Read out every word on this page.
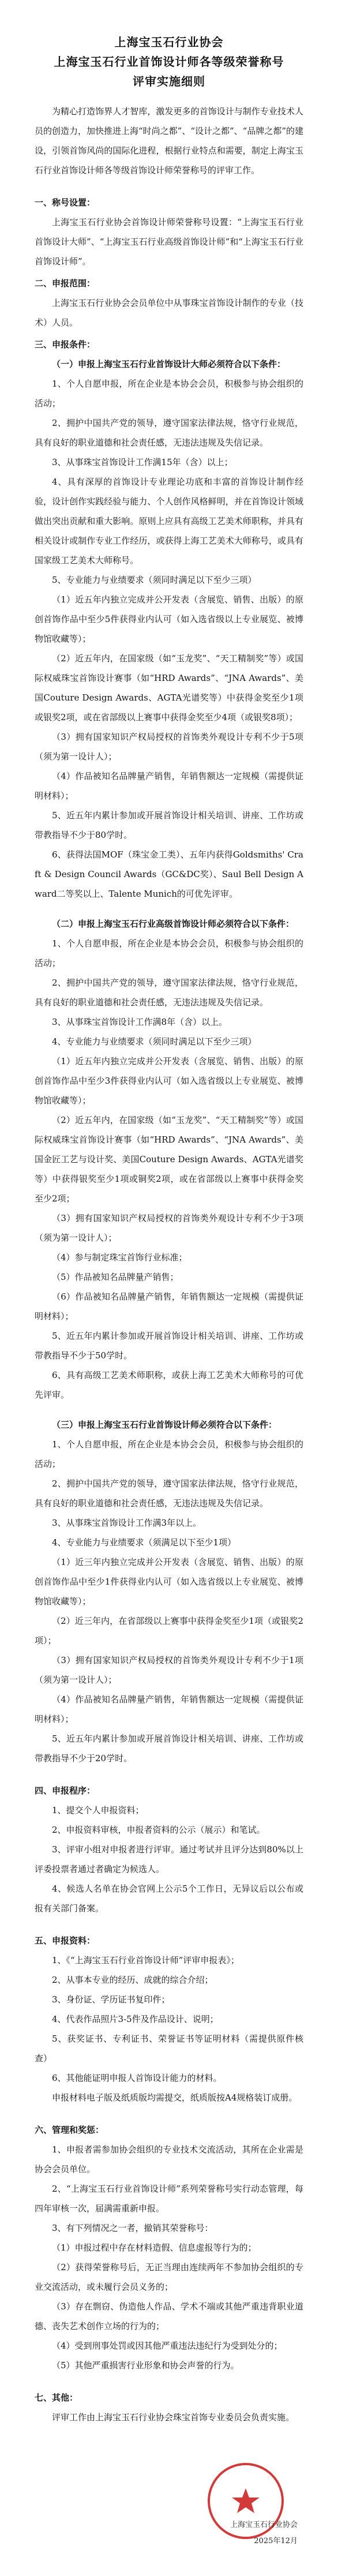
上海宝玉石行业协会
上海宝玉石行业首饰设计师各等级荣誉称号
评审实施细则

为精心打造饰界人才智库，激发更多的首饰设计与制作专业技术人员的创造力，加快推进上海“时尚之都”、“设计之都”、“品牌之都”的建设，引领首饰风尚的国际化进程，根据行业特点和需要，制定上海宝玉石行业首饰设计师各等级首饰设计师荣誉称号的评审工作。

一、称号设置：

上海宝玉石行业协会首饰设计师荣誉称号设置：“上海宝玉石行业首饰设计大师”、“上海宝玉石行业高级首饰设计师”和“上海宝玉石行业首饰设计师”。

二、申报范围：

上海宝玉石行业协会会员单位中从事珠宝首饰设计制作的专业（技术）人员。

三、申报条件：
（一）申报上海宝玉石行业首饰设计大师必须符合以下条件：

1、个人自愿申报，所在企业是本协会会员，积极参与协会组织的活动；

2、拥护中国共产党的领导，遵守国家法律法规，恪守行业规范，具有良好的职业道德和社会责任感，无违法违规及失信记录。

3、从事珠宝首饰设计工作满15年（含）以上；

4、具有深厚的首饰设计专业理论功底和丰富的首饰设计制作经验，设计创作实践经验与能力、个人创作风格鲜明，并在首饰设计领域做出突出贡献和重大影响。原则上应具有高级工艺美术师职称，并具有相关设计或制作专业工作经历，或获得上海工艺美术大师称号，或具有国家级工艺美术大师称号。

5、专业能力与业绩要求（须同时满足以下至少三项）

（1）近五年内独立完成并公开发表（含展览、销售、出版）的原创首饰作品中至少5件获得业内认可（如入选省级以上专业展览、被博物馆收藏等）；

（2）近五年内，在国家级（如“玉龙奖”、“天工精制奖”等）或国际权威珠宝首饰设计赛事（如“HRD Awards”、“JNA Awards”、美国Couture Design Awards、AGTA光谱奖等）中获得金奖至少1项或银奖2项，或在省部级以上赛事中获得金奖至少4项（或银奖8项）；

（3）拥有国家知识产权局授权的首饰类外观设计专利不少于5项（须为第一设计人）；

（4）作品被知名品牌量产销售，年销售额达一定规模（需提供证明材料）；

5、近五年内累计参加或开展首饰设计相关培训、讲座、工作坊或带教指导不少于80学时。

6、获得法国MOF（珠宝金工类）、五年内获得Goldsmiths' Craft & Design Council Awards（GC&DC奖）、Saul Bell Design Award二等奖以上、Talente Munich的可优先评审。

（二）申报上海宝玉石行业高级首饰设计师必须符合以下条件：

1、个人自愿申报，所在企业是本协会会员，积极参与协会组织的活动；

2、拥护中国共产党的领导，遵守国家法律法规，恪守行业规范，具有良好的职业道德和社会责任感，无违法违规及失信记录。

3、从事珠宝首饰设计工作满8年（含）以上。

4、专业能力与业绩要求（须同时满足以下至少三项）

（1）近五年内独立完成并公开发表（含展览、销售、出版）的原创首饰作品中至少3件获得业内认可（如入选省级以上专业展览、被博物馆收藏等）；

（2）近五年内，在国家级（如“玉龙奖”、“天工精制奖”等）或国际权威珠宝首饰设计赛事（如“HRD Awards”、“JNA Awards”、美国金匠工艺与设计奖、美国Couture Design Awards、AGTA光谱奖等）中获得银奖至少1项或铜奖2项，或在省部级以上赛事中获得金奖至少2项；

（3）拥有国家知识产权局授权的首饰类外观设计专利不少于3项（须为第一设计人）；

（4）参与制定珠宝首饰行业标准；

（5）作品被知名品牌量产销售；

（6）作品被知名品牌量产销售，年销售额达一定规模（需提供证明材料）；

5、近五年内累计参加或开展首饰设计相关培训、讲座、工作坊或带教指导不少于50学时。

6、具有高级工艺美术师职称，或获上海工艺美术大师称号的可优先评审。

（三）申报上海宝玉石行业首饰设计师必须符合以下条件：

1、个人自愿申报，所在企业是本协会会员，积极参与协会组织的活动；

2、拥护中国共产党的领导，遵守国家法律法规，恪守行业规范，具有良好的职业道德和社会责任感，无违法违规及失信记录。

3、从事珠宝首饰设计工作满3年以上。

4、专业能力与业绩要求（须满足以下至少1项）

（1）近三年内独立完成并公开发表（含展览、销售、出版）的原创首饰作品中至少1件获得业内认可（如入选省级以上专业展览、被博物馆收藏等）；

（2）近三年内，在省部级以上赛事中获得金奖至少1项（或银奖2项）；

（3）拥有国家知识产权局授权的首饰类外观设计专利不少于1项（须为第一设计人）；

（4）作品被知名品牌量产销售，年销售额达一定规模（需提供证明材料）；

5、近五年内累计参加或开展首饰设计相关培训、讲座、工作坊或带教指导不少于20学时。

四、申报程序：

1、提交个人申报资料；

2、申报资料审核，申报者资料的公示（展示）和笔试。

3、评审小组对申报者进行评审。通过考试并且评分达到80%以上评委投票者通过者确定为候选人。

4、候选人名单在协会官网上公示5个工作日，无异议后以公布或报有关部门备案。

五、申报资料：

1、《“上海宝玉石行业首饰设计师”评审申报表》；

2、从事本专业的经历、成就的综合介绍；

3、身份证、学历证书复印件；

4、代表作品照片3-5件及作品设计、说明；

5、获奖证书、专利证书、荣誉证书等证明材料（需提供原件核查）

6、其他能证明申报人首饰设计能力的材料。

申报材料电子版及纸质版均需提交，纸质版按A4规格装订成册。

六、管理和奖惩：

1、申报者需参加协会组织的专业技术交流活动，其所在企业需是协会会员单位。

2、“上海宝玉石行业首饰设计师”系列荣誉称号实行动态管理，每四年审核一次，届满需重新申报。

3、有下列情况之一者，撤销其荣誉称号：

（1）申报过程中存在材料造假、信息虚报等行为的；

（2）获得荣誉称号后，无正当理由连续两年不参加协会组织的专业交流活动，或未履行会员义务的；

（3）存在剽窃、伪造他人作品、学术不端或其他严重违背职业道德、丧失艺术创作立场的行为的；

（4）受到刑事处罚或因其他严重违法违纪行为受到处分的；

（5）其他严重损害行业形象和协会声誉的行为。

七、其他：

评审工作由上海宝玉石行业协会珠宝首饰专业委员会负责实施。

上海宝玉石行业协会
2025年12月
